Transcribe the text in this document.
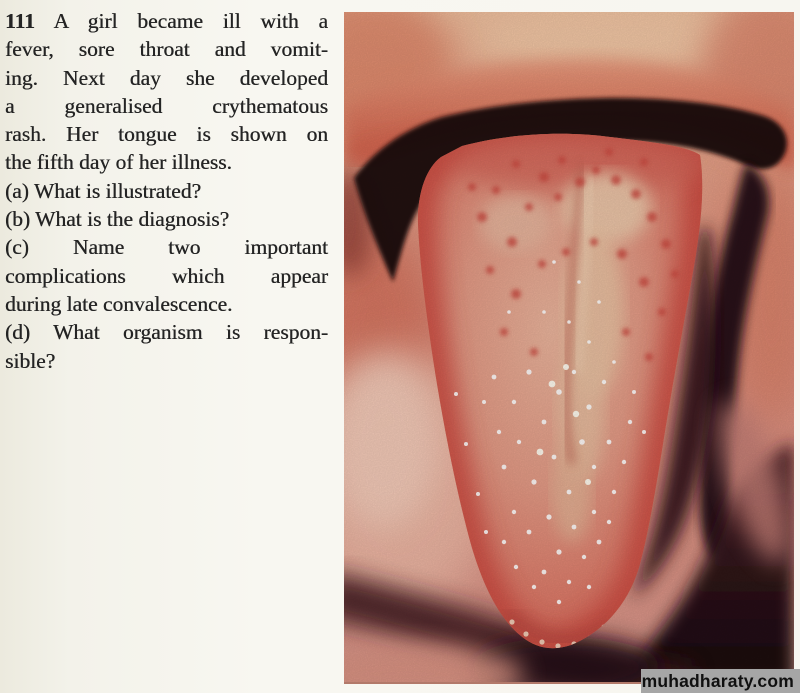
111 A girl became ill with a
fever, sore throat and vomit-
ing. Next day she developed
a generalised crythematous
rash. Her tongue is shown on
the fifth day of her illness.
(a) What is illustrated?
(b) What is the diagnosis?
(c) Name two important
complications which appear
during late convalescence.
(d) What organism is respon-
sible?
muhadharaty.com
